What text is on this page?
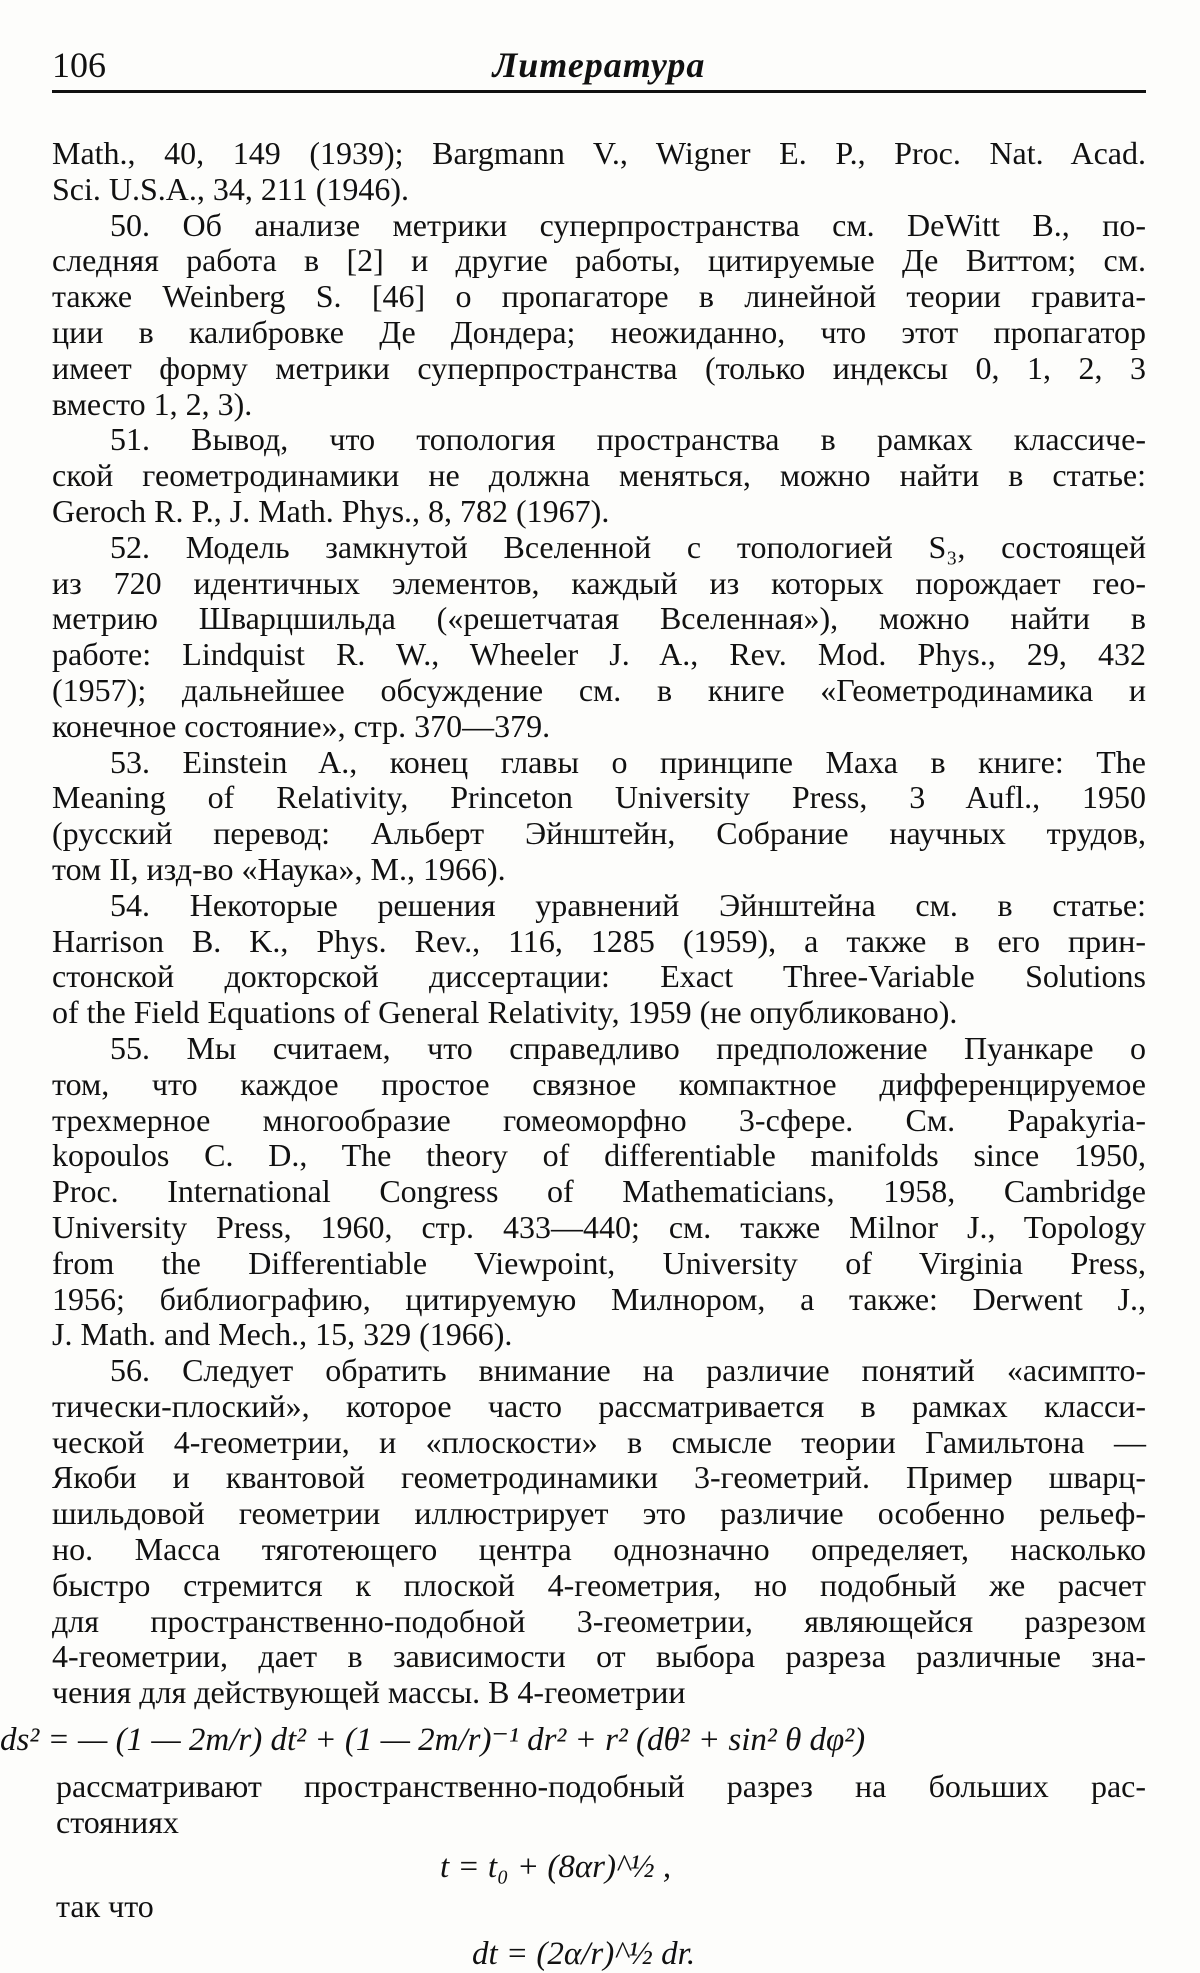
106	Литература
Math., 40, 149 (1939); Bargmann V., Wigner E. P., Proc. Nat. Acad.
Sci. U.S.A., 34, 211 (1946).
50. Об анализе метрики суперпространства см. DeWitt B., по-
следняя работа в [2] и другие работы, цитируемые Де Виттом; см.
также Weinberg S. [46] о пропагаторе в линейной теории гравита-
ции в калибровке Де Дондера; неожиданно, что этот пропагатор
имеет форму метрики суперпространства (только индексы 0, 1, 2, 3
вместо 1, 2, 3).
51. Вывод, что топология пространства в рамках классиче-
ской геометродинамики не должна меняться, можно найти в статье:
Geroch R. P., J. Math. Phys., 8, 782 (1967).
52. Модель замкнутой Вселенной с топологией S₃, состоящей
из 720 идентичных элементов, каждый из которых порождает гео-
метрию Шварцшильда («решетчатая Вселенная»), можно найти в
работе: Lindquist R. W., Wheeler J. A., Rev. Mod. Phys., 29, 432
(1957); дальнейшее обсуждение см. в книге «Геометродинамика и
конечное состояние», стр. 370—379.
53. Einstein A., конец главы о принципе Маха в книге: The
Meaning of Relativity, Princeton University Press, 3 Aufl., 1950
(русский перевод: Альберт Эйнштейн, Собрание научных трудов,
том II, изд-во «Наука», М., 1966).
54. Некоторые решения уравнений Эйнштейна см. в статье:
Harrison B. K., Phys. Rev., 116, 1285 (1959), а также в его прин-
стонской докторской диссертации: Exact Three-Variable Solutions
of the Field Equations of General Relativity, 1959 (не опубликовано).
55. Мы считаем, что справедливо предположение Пуанкаре о
том, что каждое простое связное компактное дифференцируемое
трехмерное многообразие гомеоморфно 3-сфере. См. Papakyria-
kopoulos C. D., The theory of differentiable manifolds since 1950,
Proc. International Congress of Mathematicians, 1958, Cambridge
University Press, 1960, стр. 433—440; см. также Milnor J., Topology
from the Differentiable Viewpoint, University of Virginia Press,
1956; библиографию, цитируемую Милнором, а также: Derwent J.,
J. Math. and Mech., 15, 329 (1966).
56. Следует обратить внимание на различие понятий «асимпто-
тически-плоский», которое часто рассматривается в рамках класси-
ческой 4-геометрии, и «плоскости» в смысле теории Гамильтона —
Якоби и квантовой геометродинамики 3-геометрий. Пример шварц-
шильдовой геометрии иллюстрирует это различие особенно рельеф-
но. Масса тяготеющего центра однозначно определяет, насколько
быстро стремится к плоской 4-геометрия, но подобный же расчет
для пространственно-подобной 3-геометрии, являющейся разрезом
4-геометрии, дает в зависимости от выбора разреза различные зна-
чения для действующей массы. В 4-геометрии
ds² = — (1 — 2m/r) dt² + (1 — 2m/r)⁻¹ dr² + r² (dθ² + sin² θ dφ²)
рассматривают пространственно-подобный разрез на больших рас-
стояниях
t = t₀ + (8αr)^½ ,
так что
dt = (2α/r)^½ dr.
